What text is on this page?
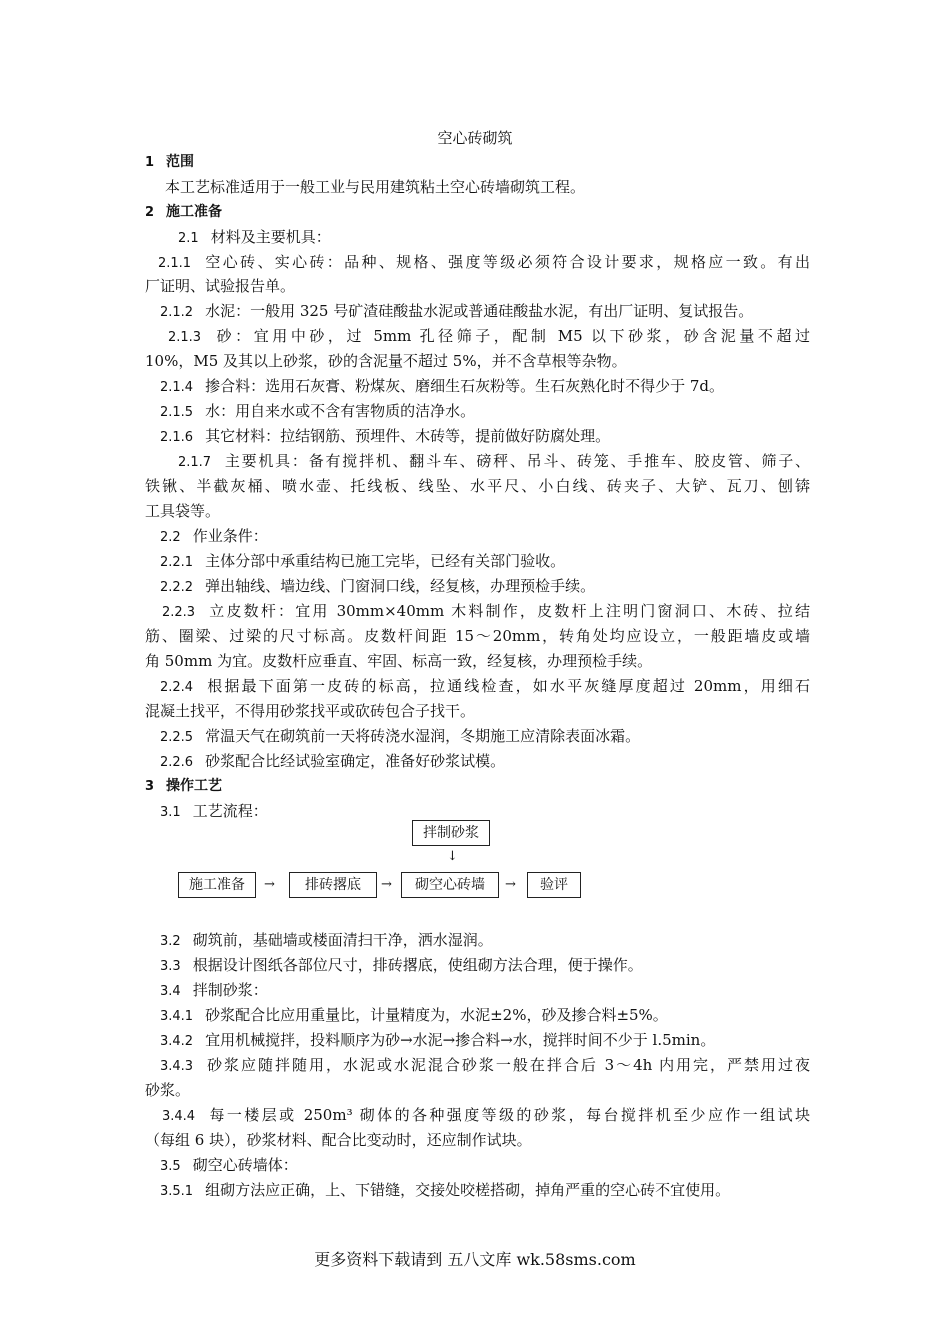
空心砖砌筑
1 范围
本工艺标准适用于一般工业与民用建筑粘土空心砖墙砌筑工程。
2 施工准备
2.1 材料及主要机具：
2.1.1 空心砖、实心砖：品种、规格、强度等级必须符合设计要求，规格应一致。有出
厂证明、试验报告单。
2.1.2 水泥：一般用 325 号矿渣硅酸盐水泥或普通硅酸盐水泥，有出厂证明、复试报告。
2.1.3 砂：宜用中砂，过 5mm 孔径筛子，配制 M5 以下砂浆，砂含泥量不超过
10%，M5 及其以上砂浆，砂的含泥量不超过 5%，并不含草根等杂物。
2.1.4 掺合料：选用石灰膏、粉煤灰、磨细生石灰粉等。生石灰熟化时不得少于 7d。
2.1.5 水：用自来水或不含有害物质的洁净水。
2.1.6 其它材料：拉结钢筋、预埋件、木砖等，提前做好防腐处理。
2.1.7 主要机具：备有搅拌机、翻斗车、磅秤、吊斗、砖笼、手推车、胶皮管、筛子、
铁锹、半截灰桶、喷水壶、托线板、线坠、水平尺、小白线、砖夹子、大铲、瓦刀、刨锛
工具袋等。
2.2 作业条件：
2.2.1 主体分部中承重结构已施工完毕，已经有关部门验收。
2.2.2 弹出轴线、墙边线、门窗洞口线，经复核，办理预检手续。
2.2.3 立皮数杆：宜用 30mm×40mm 木料制作，皮数杆上注明门窗洞口、木砖、拉结
筋、圈梁、过梁的尺寸标高。皮数杆间距 15～20mm，转角处均应设立，一般距墙皮或墙
角 50mm 为宜。皮数杆应垂直、牢固、标高一致，经复核，办理预检手续。
2.2.4 根据最下面第一皮砖的标高，拉通线检查，如水平灰缝厚度超过 20mm，用细石
混凝土找平，不得用砂浆找平或砍砖包合子找干。
2.2.5 常温天气在砌筑前一天将砖浇水湿润，冬期施工应清除表面冰霜。
2.2.6 砂浆配合比经试验室确定，准备好砂浆试模。
3 操作工艺
3.1 工艺流程：
拌制砂浆
↓
施工准备	→	排砖撂底	→	砌空心砖墙	→	验评
3.2 砌筑前，基础墙或楼面清扫干净，洒水湿润。
3.3 根据设计图纸各部位尺寸，排砖撂底，使组砌方法合理，便于操作。
3.4 拌制砂浆：
3.4.1 砂浆配合比应用重量比，计量精度为，水泥±2%，砂及掺合料±5%。
3.4.2 宜用机械搅拌，投料顺序为砂→水泥→掺合料→水，搅拌时间不少于 l.5min。
3.4.3 砂浆应随拌随用，水泥或水泥混合砂浆一般在拌合后 3～4h 内用完，严禁用过夜
砂浆。
3.4.4 每一楼层或 250m³ 砌体的各种强度等级的砂浆，每台搅拌机至少应作一组试块
（每组 6 块），砂浆材料、配合比变动时，还应制作试块。
3.5 砌空心砖墙体：
3.5.1 组砌方法应正确，上、下错缝，交接处咬槎搭砌，掉角严重的空心砖不宜使用。
更多资料下载请到 五八文库 wk.58sms.com
